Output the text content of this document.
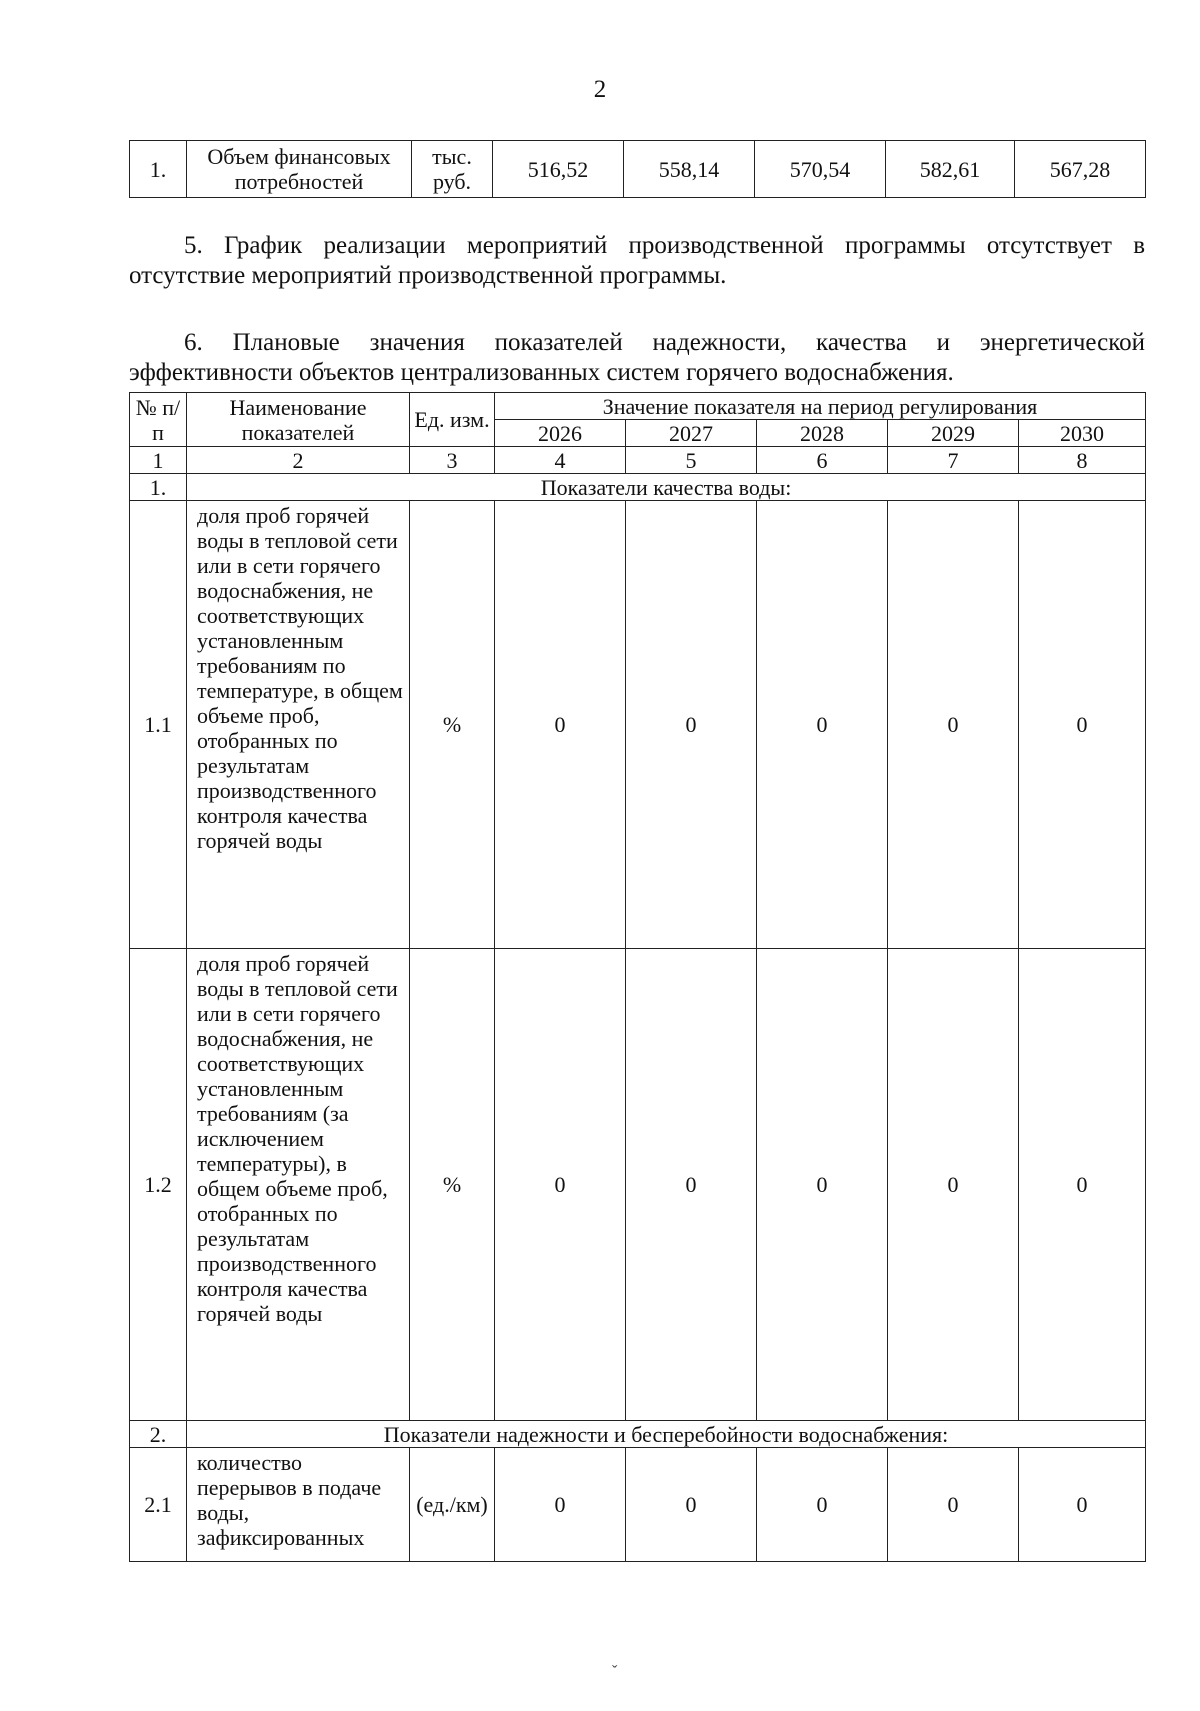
2
1.	Объем финансовых потребностей	тыс. руб.	516,52	558,14	570,54	582,61	567,28
5. График реализации мероприятий производственной программы отсутствует в отсутствие мероприятий производственной программы.
6. Плановые значения показателей надежности, качества и энергетической
эффективности объектов централизованных систем горячего водоснабжения.
№ п/п	Наименование показателей	Ед. изм.	Значение показателя на период регулирования				
			2026	2027	2028	2029	2030
1	2	3	4	5	6	7	8
1.	Показатели качества воды:						
1.1	доля проб горячей воды в тепловой сети или в сети горячего водоснабжения, не соответствующих установленным требованиям по температуре, в общем объеме проб, отобранных по результатам производственного контроля качества горячей воды	%	0	0	0	0	0
1.2	доля проб горячей воды в тепловой сети или в сети горячего водоснабжения, не соответствующих установленным требованиям (за исключением температуры), в общем объеме проб, отобранных по результатам производственного контроля качества горячей воды	%	0	0	0	0	0
2.	Показатели надежности и бесперебойности водоснабжения:						
2.1	количество перерывов в подаче воды, зафиксированных	(ед./км)	0	0	0	0	0
ˇ
